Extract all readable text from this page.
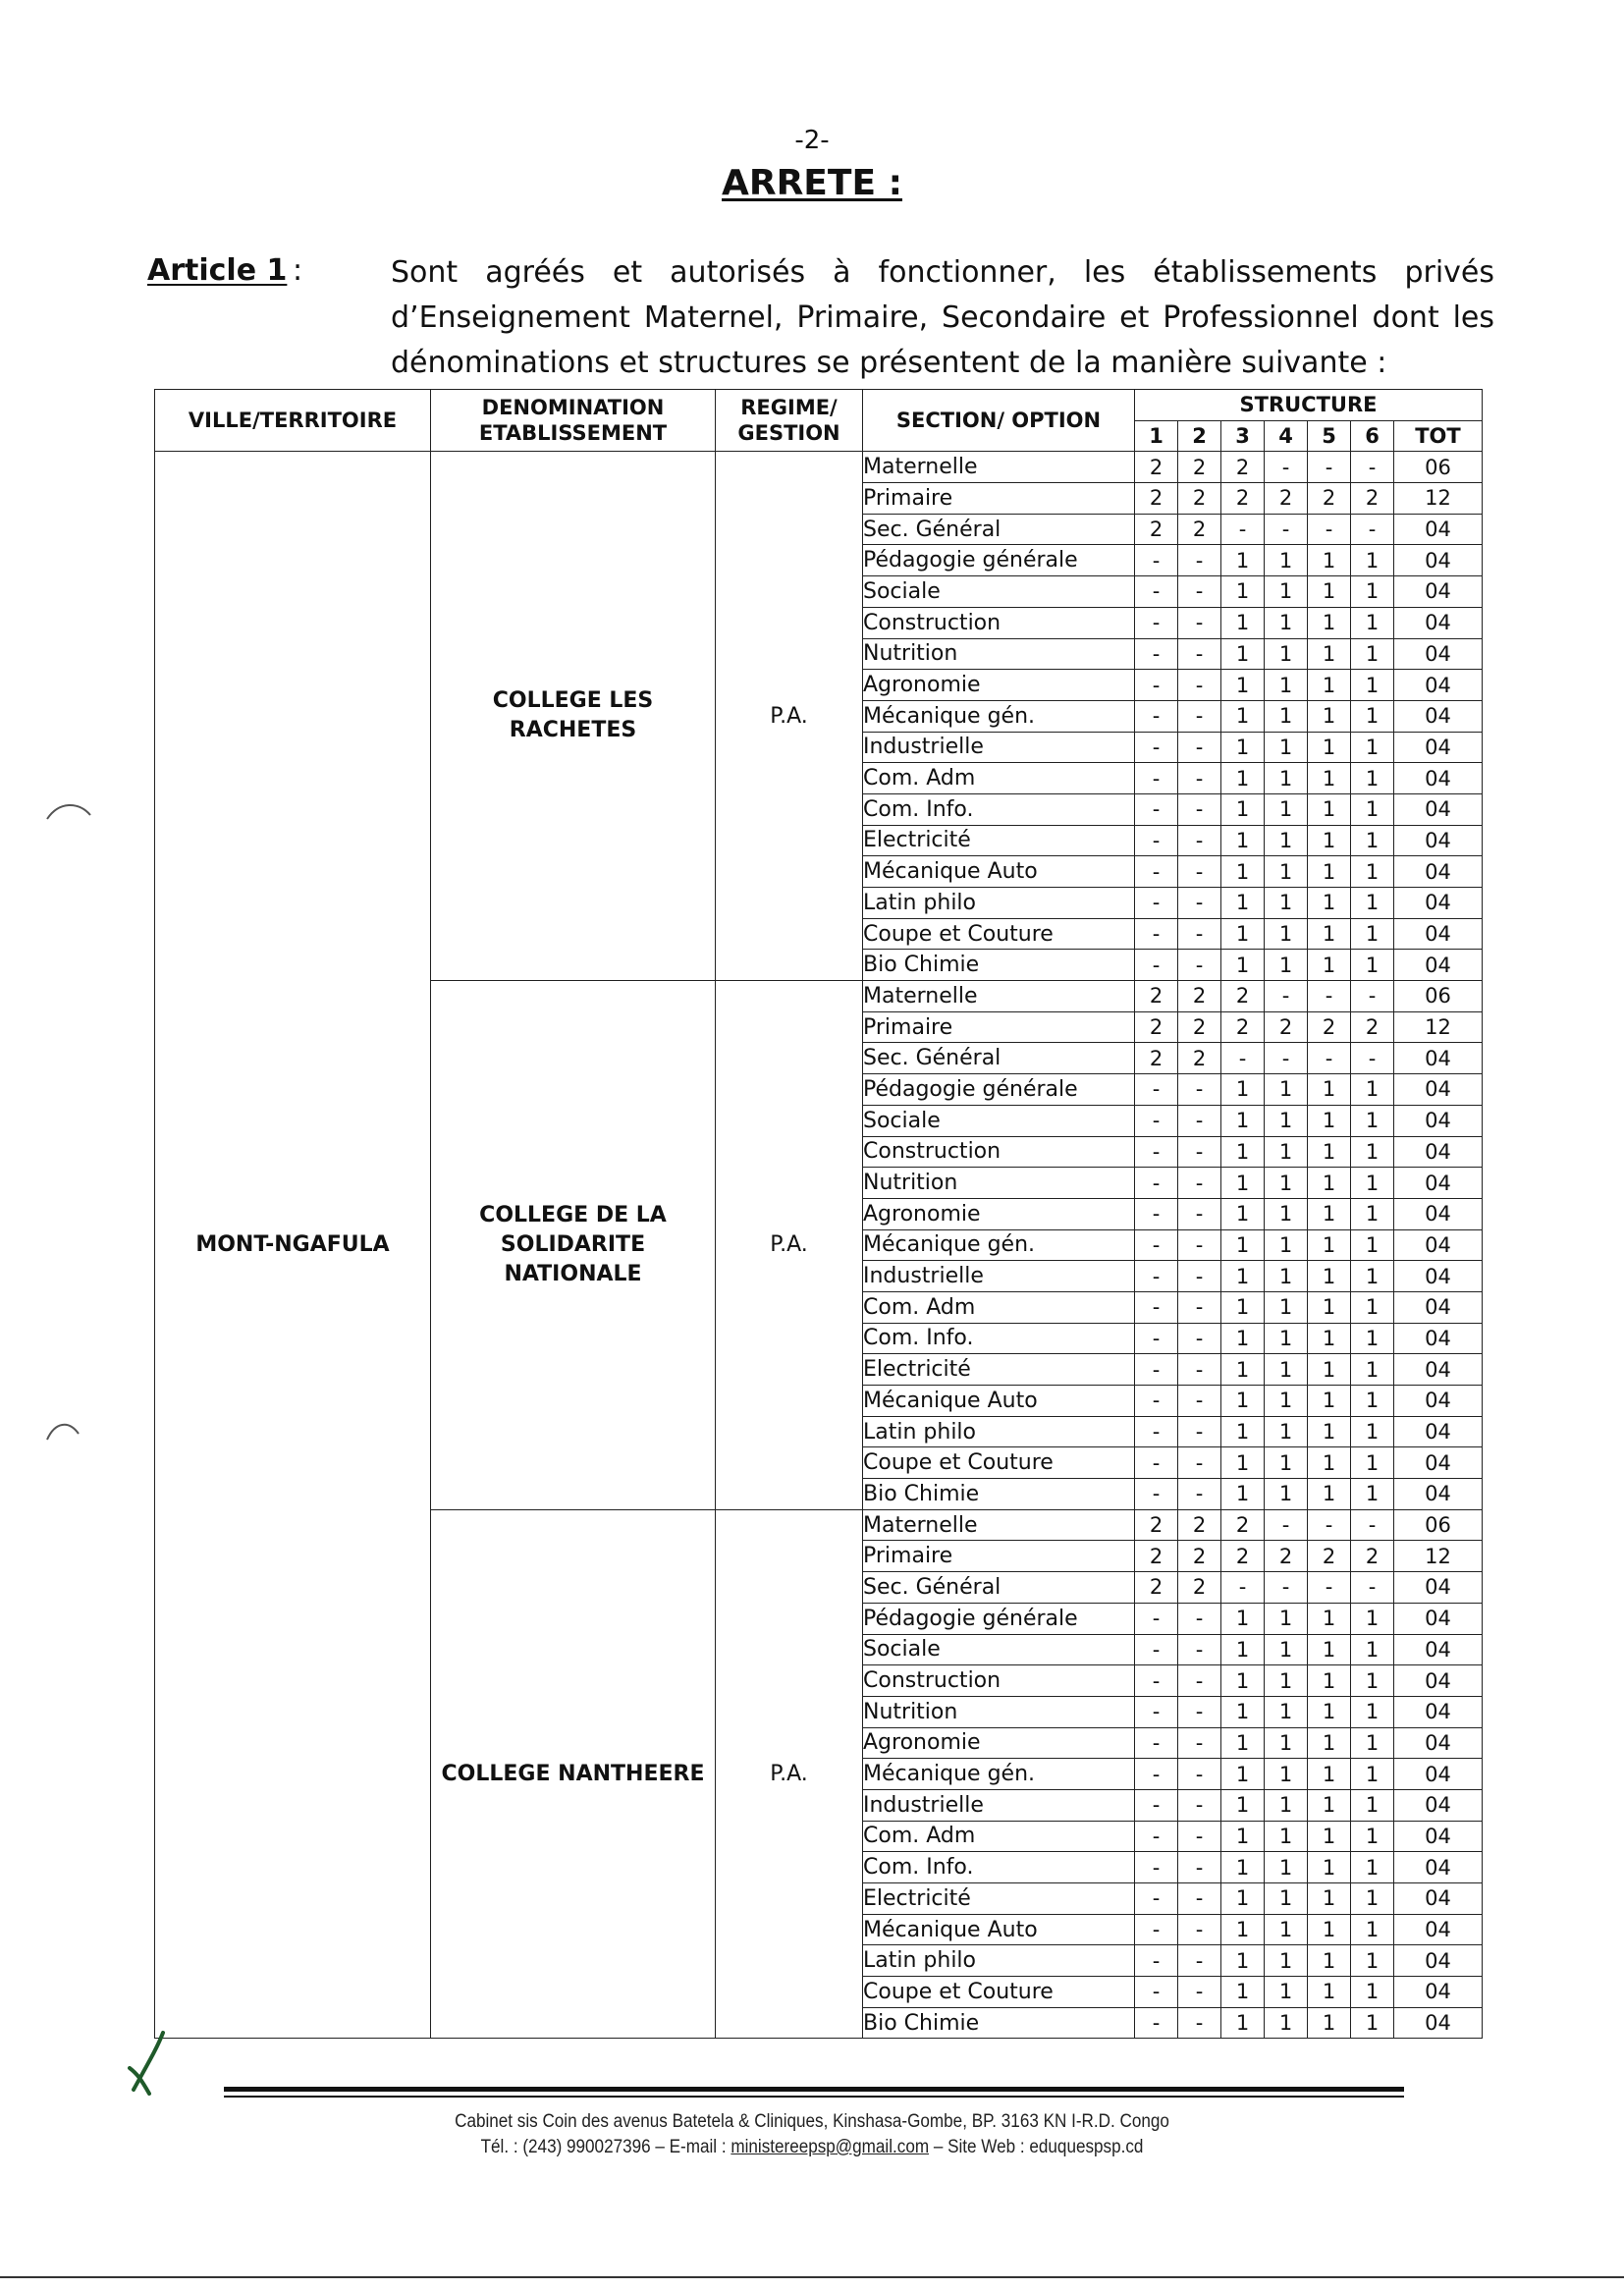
-2-
ARRETE :
Article 1 :	Sont agréés et autorisés à fonctionner, les établissements privés d’Enseignement Maternel, Primaire, Secondaire et Professionnel dont les dénominations et structures se présentent de la manière suivante :
VILLE/TERRITOIRE	DENOMINATION ETABLISSEMENT	REGIME/ GESTION	SECTION/ OPTION	STRUCTURE						
				1	2	3	4	5	6	TOT
MONT-NGAFULA	COLLEGE LES RACHETES	P.A.	Maternelle	2	2	2	-	-	-	06
			Primaire	2	2	2	2	2	2	12
			Sec. Général	2	2	-	-	-	-	04
			Pédagogie générale	-	-	1	1	1	1	04
			Sociale	-	-	1	1	1	1	04
			Construction	-	-	1	1	1	1	04
			Nutrition	-	-	1	1	1	1	04
			Agronomie	-	-	1	1	1	1	04
			Mécanique gén.	-	-	1	1	1	1	04
			Industrielle	-	-	1	1	1	1	04
			Com. Adm	-	-	1	1	1	1	04
			Com. Info.	-	-	1	1	1	1	04
			Electricité	-	-	1	1	1	1	04
			Mécanique Auto	-	-	1	1	1	1	04
			Latin philo	-	-	1	1	1	1	04
			Coupe et Couture	-	-	1	1	1	1	04
			Bio Chimie	-	-	1	1	1	1	04
	COLLEGE DE LA SOLIDARITE NATIONALE	P.A.	Maternelle	2	2	2	-	-	-	06
			Primaire	2	2	2	2	2	2	12
			Sec. Général	2	2	-	-	-	-	04
			Pédagogie générale	-	-	1	1	1	1	04
			Sociale	-	-	1	1	1	1	04
			Construction	-	-	1	1	1	1	04
			Nutrition	-	-	1	1	1	1	04
			Agronomie	-	-	1	1	1	1	04
			Mécanique gén.	-	-	1	1	1	1	04
			Industrielle	-	-	1	1	1	1	04
			Com. Adm	-	-	1	1	1	1	04
			Com. Info.	-	-	1	1	1	1	04
			Electricité	-	-	1	1	1	1	04
			Mécanique Auto	-	-	1	1	1	1	04
			Latin philo	-	-	1	1	1	1	04
			Coupe et Couture	-	-	1	1	1	1	04
			Bio Chimie	-	-	1	1	1	1	04
	COLLEGE NANTHEERE	P.A.	Maternelle	2	2	2	-	-	-	06
			Primaire	2	2	2	2	2	2	12
			Sec. Général	2	2	-	-	-	-	04
			Pédagogie générale	-	-	1	1	1	1	04
			Sociale	-	-	1	1	1	1	04
			Construction	-	-	1	1	1	1	04
			Nutrition	-	-	1	1	1	1	04
			Agronomie	-	-	1	1	1	1	04
			Mécanique gén.	-	-	1	1	1	1	04
			Industrielle	-	-	1	1	1	1	04
			Com. Adm	-	-	1	1	1	1	04
			Com. Info.	-	-	1	1	1	1	04
			Electricité	-	-	1	1	1	1	04
			Mécanique Auto	-	-	1	1	1	1	04
			Latin philo	-	-	1	1	1	1	04
			Coupe et Couture	-	-	1	1	1	1	04
			Bio Chimie	-	-	1	1	1	1	04
Cabinet sis Coin des avenus Batetela & Cliniques, Kinshasa-Gombe, BP. 3163 KN I-R.D. Congo
Tél. : (243) 990027396 – E-mail : ministereepsp@gmail.com – Site Web : eduquespsp.cd
